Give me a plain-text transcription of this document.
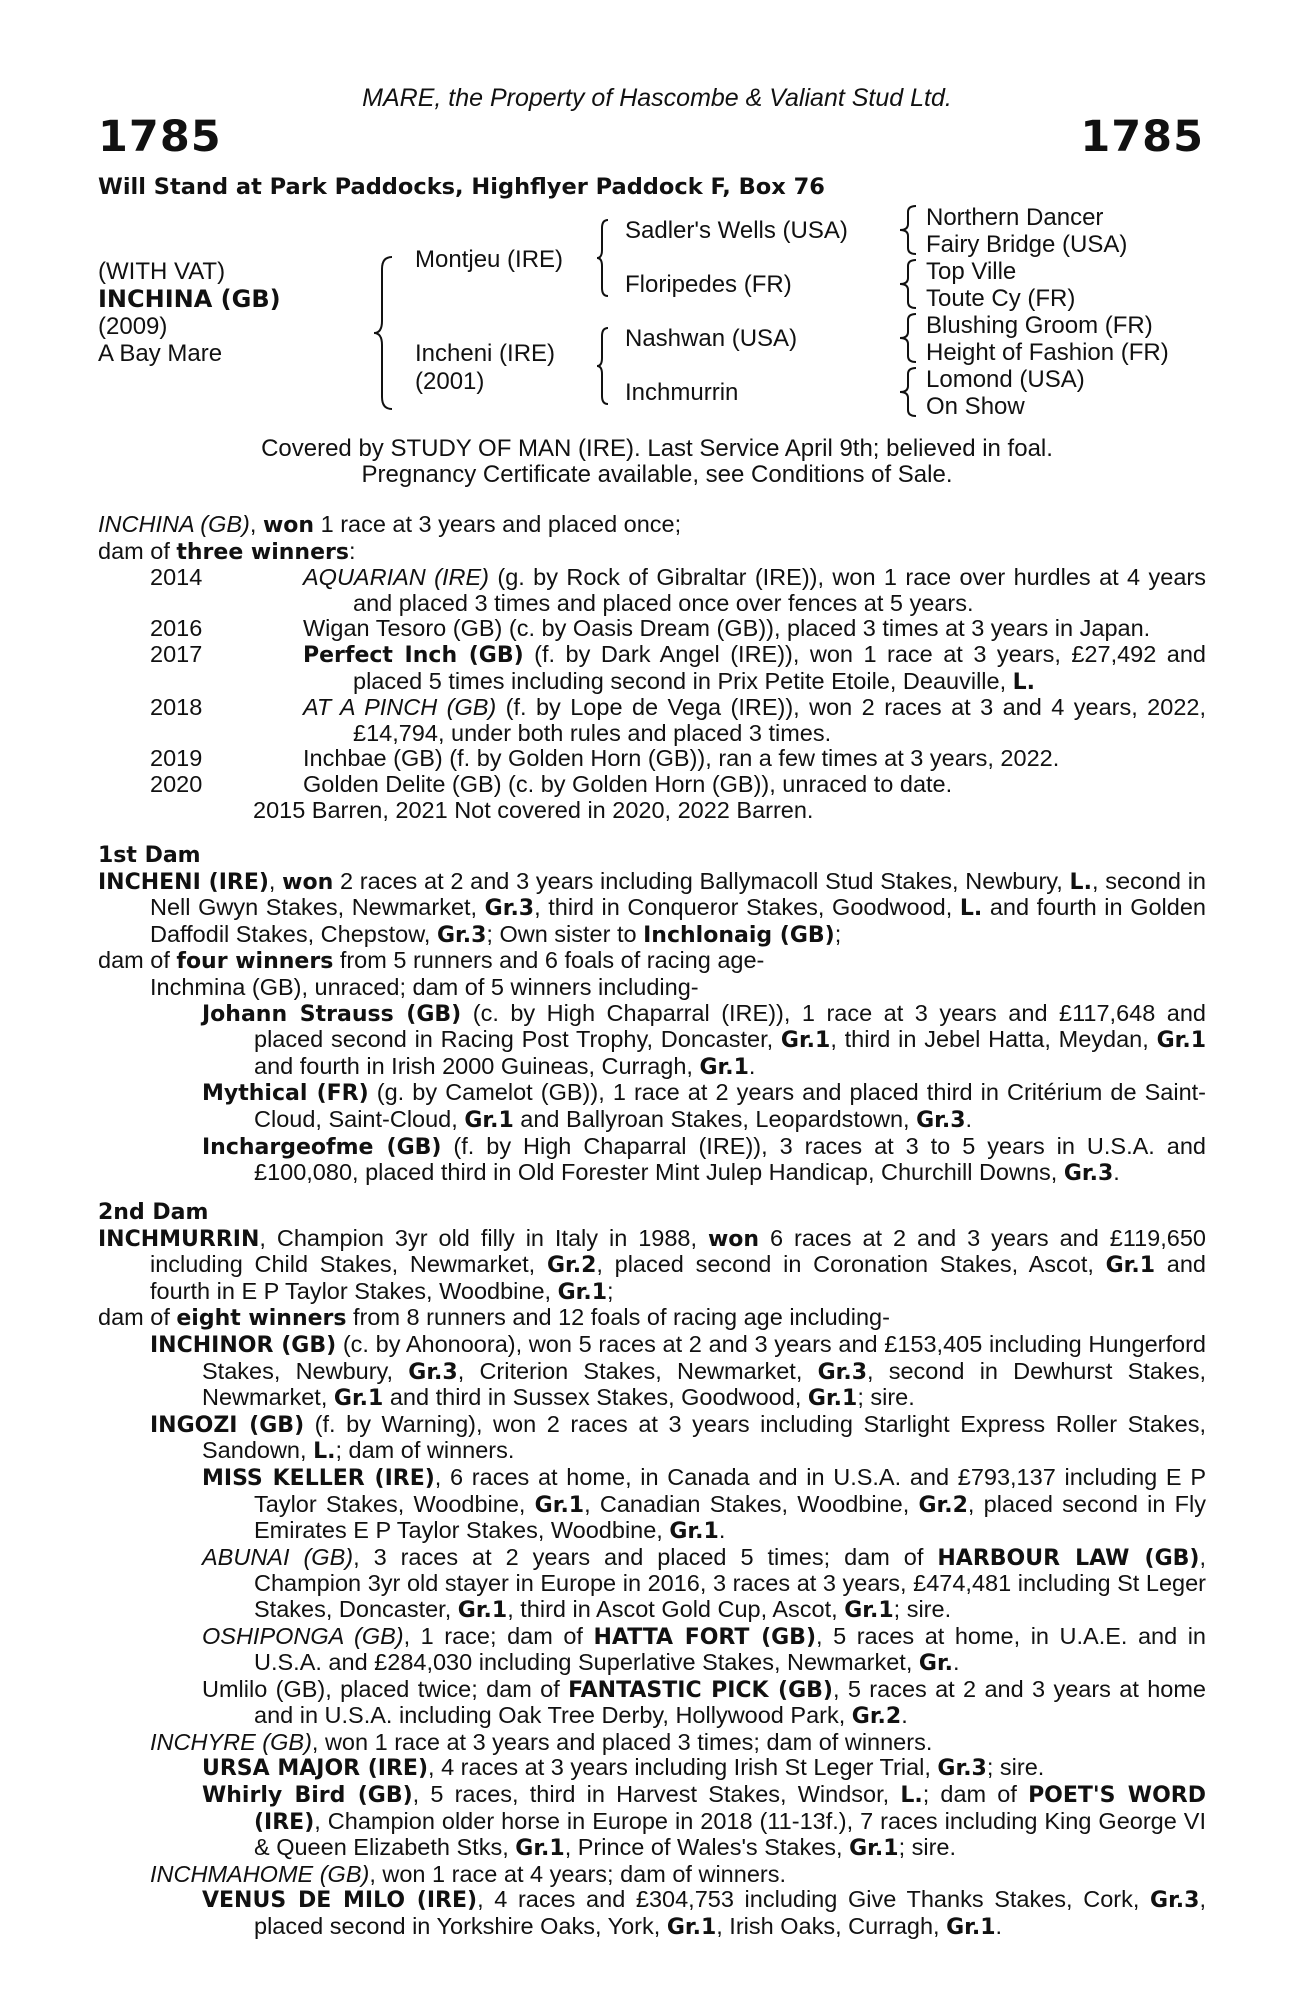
MARE, the Property of Hascombe & Valiant Stud Ltd.
1785	1785
Will Stand at Park Paddocks, Highflyer Paddock F, Box 76
(WITH VAT)
INCHINA (GB)
(2009)
A Bay Mare
Montjeu (IRE)
Incheni (IRE)
(2001)
Sadler's Wells (USA)
Floripedes (FR)
Nashwan (USA)
Inchmurrin
Northern Dancer
Fairy Bridge (USA)
Top Ville
Toute Cy (FR)
Blushing Groom (FR)
Height of Fashion (FR)
Lomond (USA)
On Show
Covered by STUDY OF MAN (IRE). Last Service April 9th; believed in foal.
Pregnancy Certificate available, see Conditions of Sale.
INCHINA (GB), won 1 race at 3 years and placed once;
dam of three winners:
2014	AQUARIAN (IRE) (g. by Rock of Gibraltar (IRE)), won 1 race over hurdles at 4 years and placed 3 times and placed once over fences at 5 years.
2016	Wigan Tesoro (GB) (c. by Oasis Dream (GB)), placed 3 times at 3 years in Japan.
2017	Perfect Inch (GB) (f. by Dark Angel (IRE)), won 1 race at 3 years, £27,492 and placed 5 times including second in Prix Petite Etoile, Deauville, L.
2018	AT A PINCH (GB) (f. by Lope de Vega (IRE)), won 2 races at 3 and 4 years, 2022, £14,794, under both rules and placed 3 times.
2019	Inchbae (GB) (f. by Golden Horn (GB)), ran a few times at 3 years, 2022.
2020	Golden Delite (GB) (c. by Golden Horn (GB)), unraced to date.
2015 Barren, 2021 Not covered in 2020, 2022 Barren.
1st Dam
INCHENI (IRE), won 2 races at 2 and 3 years including Ballymacoll Stud Stakes, Newbury, L., second in Nell Gwyn Stakes, Newmarket, Gr.3, third in Conqueror Stakes, Goodwood, L. and fourth in Golden Daffodil Stakes, Chepstow, Gr.3; Own sister to Inchlonaig (GB);
dam of four winners from 5 runners and 6 foals of racing age-
Inchmina (GB), unraced; dam of 5 winners including-
Johann Strauss (GB) (c. by High Chaparral (IRE)), 1 race at 3 years and £117,648 and placed second in Racing Post Trophy, Doncaster, Gr.1, third in Jebel Hatta, Meydan, Gr.1 and fourth in Irish 2000 Guineas, Curragh, Gr.1.
Mythical (FR) (g. by Camelot (GB)), 1 race at 2 years and placed third in Critérium de Saint-Cloud, Saint-Cloud, Gr.1 and Ballyroan Stakes, Leopardstown, Gr.3.
Inchargeofme (GB) (f. by High Chaparral (IRE)), 3 races at 3 to 5 years in U.S.A. and £100,080, placed third in Old Forester Mint Julep Handicap, Churchill Downs, Gr.3.
2nd Dam
INCHMURRIN, Champion 3yr old filly in Italy in 1988, won 6 races at 2 and 3 years and £119,650 including Child Stakes, Newmarket, Gr.2, placed second in Coronation Stakes, Ascot, Gr.1 and fourth in E P Taylor Stakes, Woodbine, Gr.1;
dam of eight winners from 8 runners and 12 foals of racing age including-
INCHINOR (GB) (c. by Ahonoora), won 5 races at 2 and 3 years and £153,405 including Hungerford Stakes, Newbury, Gr.3, Criterion Stakes, Newmarket, Gr.3, second in Dewhurst Stakes, Newmarket, Gr.1 and third in Sussex Stakes, Goodwood, Gr.1; sire.
INGOZI (GB) (f. by Warning), won 2 races at 3 years including Starlight Express Roller Stakes, Sandown, L.; dam of winners.
MISS KELLER (IRE), 6 races at home, in Canada and in U.S.A. and £793,137 including E P Taylor Stakes, Woodbine, Gr.1, Canadian Stakes, Woodbine, Gr.2, placed second in Fly Emirates E P Taylor Stakes, Woodbine, Gr.1.
ABUNAI (GB), 3 races at 2 years and placed 5 times; dam of HARBOUR LAW (GB), Champion 3yr old stayer in Europe in 2016, 3 races at 3 years, £474,481 including St Leger Stakes, Doncaster, Gr.1, third in Ascot Gold Cup, Ascot, Gr.1; sire.
OSHIPONGA (GB), 1 race; dam of HATTA FORT (GB), 5 races at home, in U.A.E. and in U.S.A. and £284,030 including Superlative Stakes, Newmarket, Gr..
Umlilo (GB), placed twice; dam of FANTASTIC PICK (GB), 5 races at 2 and 3 years at home and in U.S.A. including Oak Tree Derby, Hollywood Park, Gr.2.
INCHYRE (GB), won 1 race at 3 years and placed 3 times; dam of winners.
URSA MAJOR (IRE), 4 races at 3 years including Irish St Leger Trial, Gr.3; sire.
Whirly Bird (GB), 5 races, third in Harvest Stakes, Windsor, L.; dam of POET'S WORD (IRE), Champion older horse in Europe in 2018 (11-13f.), 7 races including King George VI & Queen Elizabeth Stks, Gr.1, Prince of Wales's Stakes, Gr.1; sire.
INCHMAHOME (GB), won 1 race at 4 years; dam of winners.
VENUS DE MILO (IRE), 4 races and £304,753 including Give Thanks Stakes, Cork, Gr.3, placed second in Yorkshire Oaks, York, Gr.1, Irish Oaks, Curragh, Gr.1.
